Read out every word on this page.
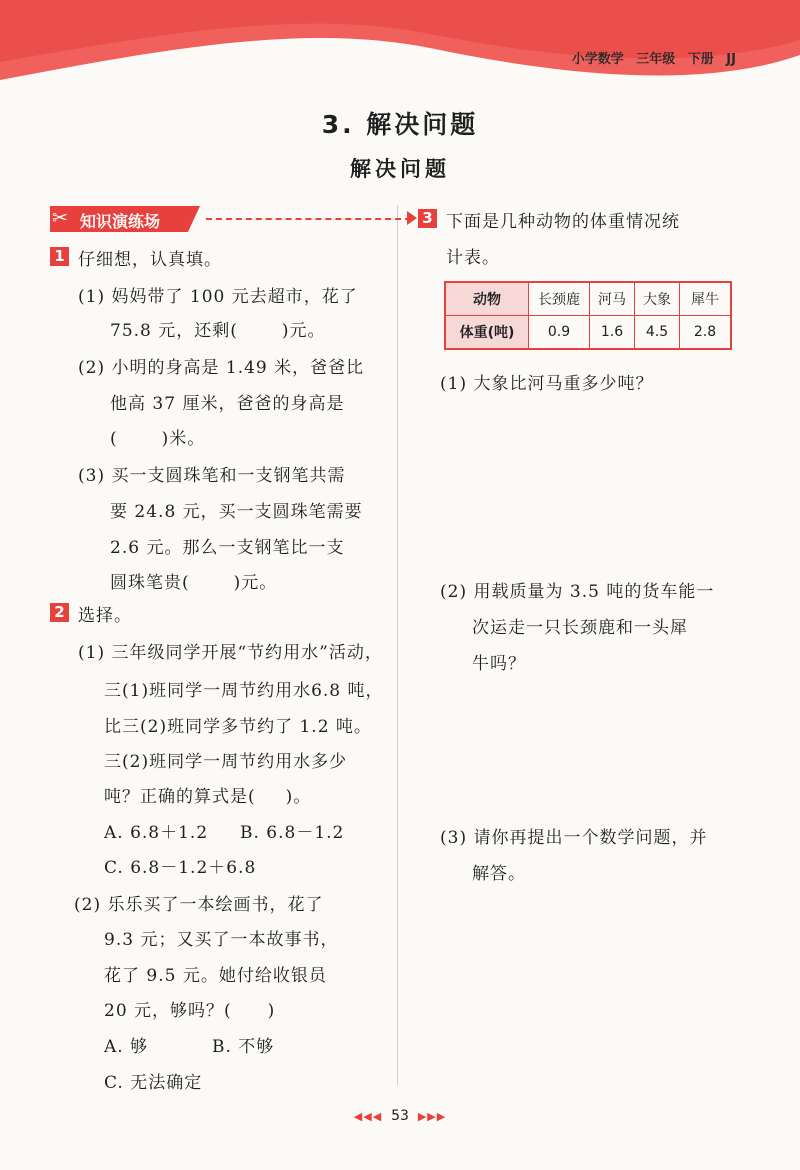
小学数学 三年级 下册 JJ
3. 解决问题
解决问题
✂ 知识演练场
1 仔细想，认真填。
(1) 妈妈带了 100 元去超市，花了
75.8 元，还剩(	)元。
(2) 小明的身高是 1.49 米，爸爸比
他高 37 厘米，爸爸的身高是
(	)米。
(3) 买一支圆珠笔和一支钢笔共需
要 24.8 元，买一支圆珠笔需要
2.6 元。那么一支钢笔比一支
圆珠笔贵(	)元。
2 选择。
(1) 三年级同学开展“节约用水”活动，
三(1)班同学一周节约用水6.8 吨，
比三(2)班同学多节约了 1.2 吨。
三(2)班同学一周节约用水多少
吨？正确的算式是( )。
A. 6.8＋1.2 B. 6.8－1.2
C. 6.8－1.2＋6.8
(2) 乐乐买了一本绘画书，花了
9.3 元；又买了一本故事书，
花了 9.5 元。她付给收银员
20 元，够吗？( )
A. 够	B. 不够
C. 无法确定
3 下面是几种动物的体重情况统
计表。
动物	长颈鹿	河马	大象	犀牛
体重(吨)	0.9	1.6	4.5	2.8
(1) 大象比河马重多少吨？
(2) 用载质量为 3.5 吨的货车能一
次运走一只长颈鹿和一头犀
牛吗？
(3) 请你再提出一个数学问题，并
解答。
◀◀◀ 53 ▶▶▶
